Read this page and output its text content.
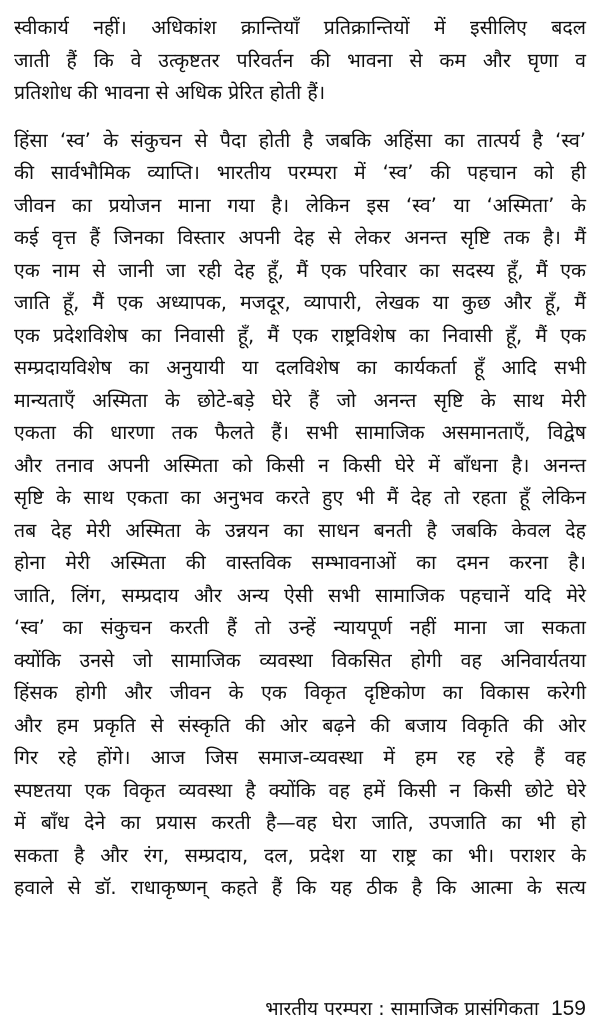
स्वीकार्य नहीं। अधिकांश क्रान्तियाँ प्रतिक्रान्तियों में इसीलिए बदल
जाती हैं कि वे उत्कृष्टतर परिवर्तन की भावना से कम और घृणा व
प्रतिशोध की भावना से अधिक प्रेरित होती हैं।

हिंसा ‘स्व’ के संकुचन से पैदा होती है जबकि अहिंसा का तात्पर्य है ‘स्व’
की सार्वभौमिक व्याप्ति। भारतीय परम्परा में ‘स्व’ की पहचान को ही
जीवन का प्रयोजन माना गया है। लेकिन इस ‘स्व’ या ‘अस्मिता’ के
कई वृत्त हैं जिनका विस्तार अपनी देह से लेकर अनन्त सृष्टि तक है। मैं
एक नाम से जानी जा रही देह हूँ, मैं एक परिवार का सदस्य हूँ, मैं एक
जाति हूँ, मैं एक अध्यापक, मजदूर, व्यापारी, लेखक या कुछ और हूँ, मैं
एक प्रदेशविशेष का निवासी हूँ, मैं एक राष्ट्रविशेष का निवासी हूँ, मैं एक
सम्प्रदायविशेष का अनुयायी या दलविशेष का कार्यकर्ता हूँ आदि सभी
मान्यताएँ अस्मिता के छोटे-बड़े घेरे हैं जो अनन्त सृष्टि के साथ मेरी
एकता की धारणा तक फैलते हैं। सभी सामाजिक असमानताएँ, विद्वेष
और तनाव अपनी अस्मिता को किसी न किसी घेरे में बाँधना है। अनन्त
सृष्टि के साथ एकता का अनुभव करते हुए भी मैं देह तो रहता हूँ लेकिन
तब देह मेरी अस्मिता के उन्नयन का साधन बनती है जबकि केवल देह
होना मेरी अस्मिता की वास्तविक सम्भावनाओं का दमन करना है।
जाति, लिंग, सम्प्रदाय और अन्य ऐसी सभी सामाजिक पहचानें यदि मेरे
‘स्व’ का संकुचन करती हैं तो उन्हें न्यायपूर्ण नहीं माना जा सकता
क्योंकि उनसे जो सामाजिक व्यवस्था विकसित होगी वह अनिवार्यतया
हिंसक होगी और जीवन के एक विकृत दृष्टिकोण का विकास करेगी
और हम प्रकृति से संस्कृति की ओर बढ़ने की बजाय विकृति की ओर
गिर रहे होंगे। आज जिस समाज-व्यवस्था में हम रह रहे हैं वह
स्पष्टतया एक विकृत व्यवस्था है क्योंकि वह हमें किसी न किसी छोटे घेरे
में बाँध देने का प्रयास करती है—वह घेरा जाति, उपजाति का भी हो
सकता है और रंग, सम्प्रदाय, दल, प्रदेश या राष्ट्र का भी। पराशर के
हवाले से डॉ. राधाकृष्णन् कहते हैं कि यह ठीक है कि आत्मा के सत्य

भारतीय परम्परा : सामाजिक प्रासंगिकता 159
